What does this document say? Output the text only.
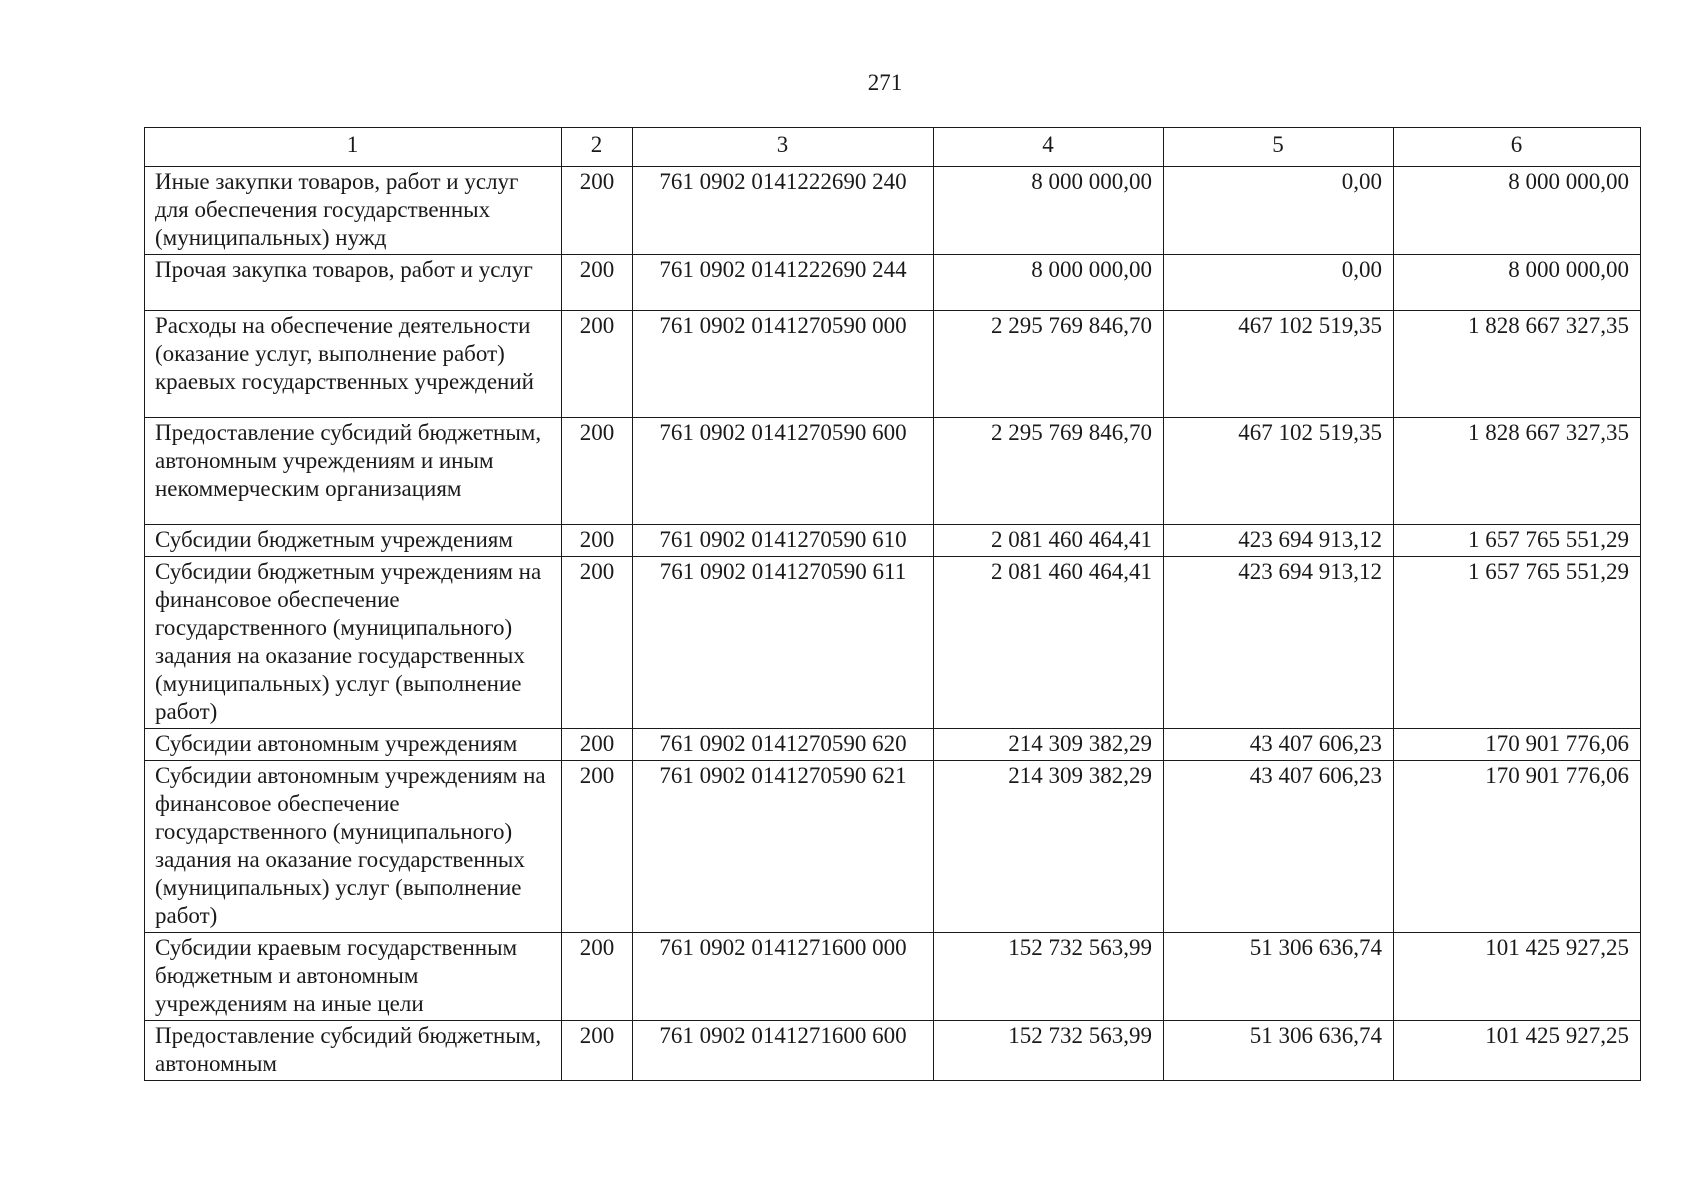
271
1	2	3	4	5	6
Иные закупки товаров, работ и услуг для обеспечения государственных (муниципальных) нужд	200	761 0902 0141222690 240	8 000 000,00	0,00	8 000 000,00
Прочая закупка товаров, работ и услуг	200	761 0902 0141222690 244	8 000 000,00	0,00	8 000 000,00
Расходы на обеспечение деятельности (оказание услуг, выполнение работ) краевых государственных учреждений	200	761 0902 0141270590 000	2 295 769 846,70	467 102 519,35	1 828 667 327,35
Предоставление субсидий бюджетным, автономным учреждениям и иным некоммерческим организациям	200	761 0902 0141270590 600	2 295 769 846,70	467 102 519,35	1 828 667 327,35
Субсидии бюджетным учреждениям	200	761 0902 0141270590 610	2 081 460 464,41	423 694 913,12	1 657 765 551,29
Субсидии бюджетным учреждениям на финансовое обеспечение государственного (муниципального) задания на оказание государственных (муниципальных) услуг (выполнение работ)	200	761 0902 0141270590 611	2 081 460 464,41	423 694 913,12	1 657 765 551,29
Субсидии автономным учреждениям	200	761 0902 0141270590 620	214 309 382,29	43 407 606,23	170 901 776,06
Субсидии автономным учреждениям на финансовое обеспечение государственного (муниципального) задания на оказание государственных (муниципальных) услуг (выполнение работ)	200	761 0902 0141270590 621	214 309 382,29	43 407 606,23	170 901 776,06
Субсидии краевым государственным бюджетным и автономным учреждениям на иные цели	200	761 0902 0141271600 000	152 732 563,99	51 306 636,74	101 425 927,25
Предоставление субсидий бюджетным, автономным	200	761 0902 0141271600 600	152 732 563,99	51 306 636,74	101 425 927,25
